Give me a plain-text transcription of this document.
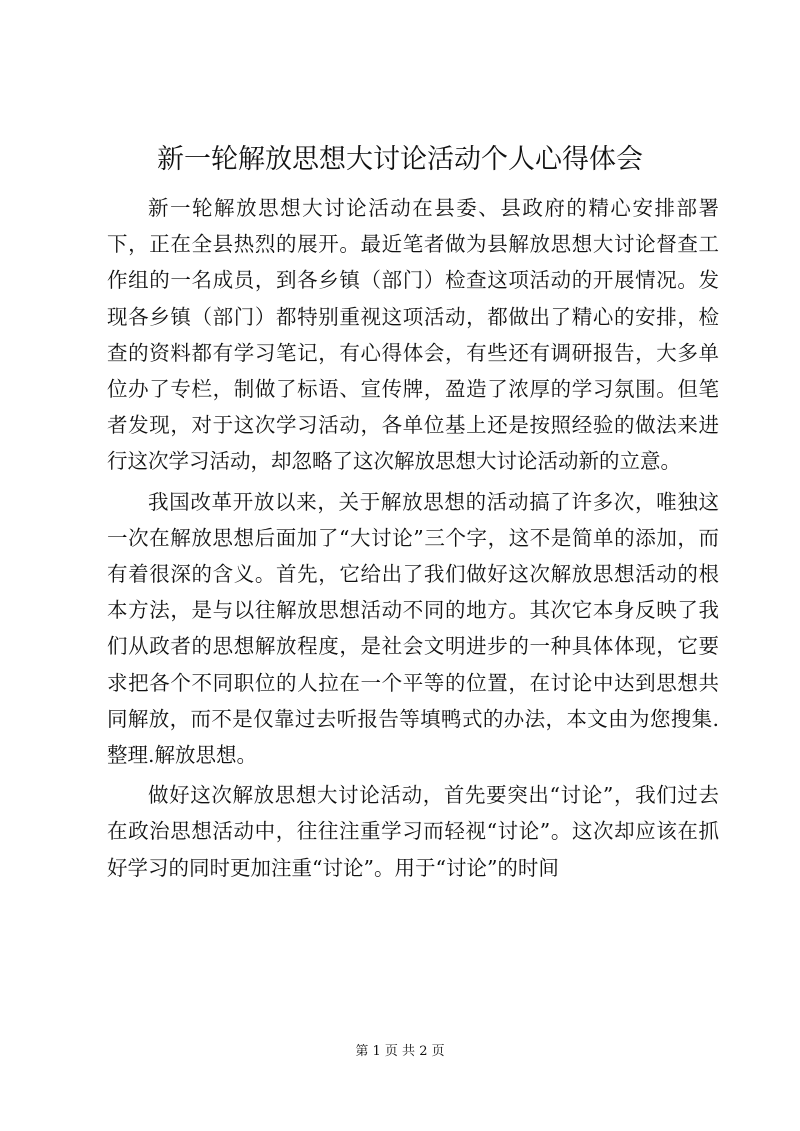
新一轮解放思想大讨论活动个人心得体会

新一轮解放思想大讨论活动在县委、县政府的精心安排部署下，正在全县热烈的展开。最近笔者做为县解放思想大讨论督查工作组的一名成员，到各乡镇（部门）检查这项活动的开展情况。发现各乡镇（部门）都特别重视这项活动，都做出了精心的安排，检查的资料都有学习笔记，有心得体会，有些还有调研报告，大多单位办了专栏，制做了标语、宣传牌，盈造了浓厚的学习氛围。但笔者发现，对于这次学习活动，各单位基上还是按照经验的做法来进行这次学习活动，却忽略了这次解放思想大讨论活动新的立意。

我国改革开放以来，关于解放思想的活动搞了许多次，唯独这一次在解放思想后面加了“大讨论”三个字，这不是简单的添加，而有着很深的含义。首先，它给出了我们做好这次解放思想活动的根本方法，是与以往解放思想活动不同的地方。其次它本身反映了我们从政者的思想解放程度，是社会文明进步的一种具体体现，它要求把各个不同职位的人拉在一个平等的位置，在讨论中达到思想共同解放，而不是仅靠过去听报告等填鸭式的办法，本文由为您搜集.整理.解放思想。

做好这次解放思想大讨论活动，首先要突出“讨论”，我们过去在政治思想活动中，往往注重学习而轻视“讨论”。这次却应该在抓好学习的同时更加注重“讨论”。用于“讨论”的时间

第 1 页 共 2 页
